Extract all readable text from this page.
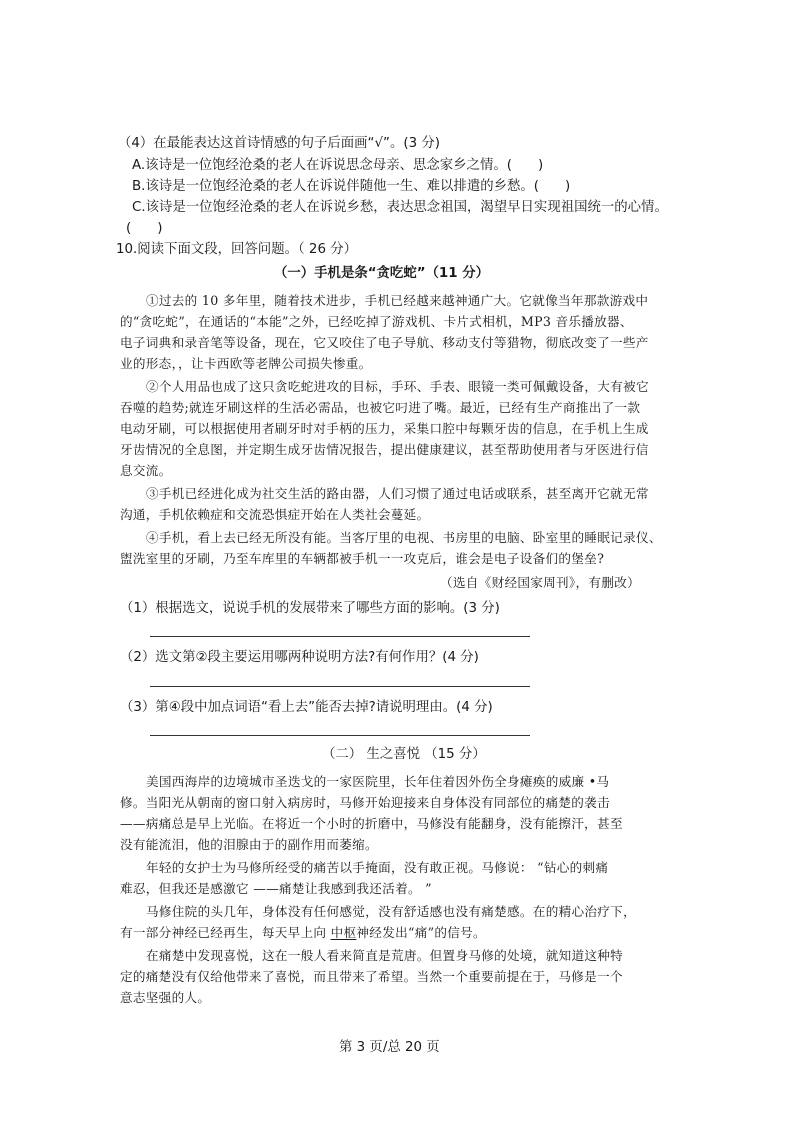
（4）在最能表达这首诗情感的句子后面画“√”。(3 分)
A.该诗是一位饱经沧桑的老人在诉说思念母亲、思念家乡之情。( )
B.该诗是一位饱经沧桑的老人在诉说伴随他一生、难以排遣的乡愁。( )
C.该诗是一位饱经沧桑的老人在诉说乡愁，表达思念祖国，渴望早日实现祖国统一的心情。
( )
10.阅读下面文段，回答问题。（ 26 分）
（一）手机是条“贪吃蛇”（11 分）
①过去的 10 多年里，随着技术进步，手机已经越来越神通广大。它就像当年那款游戏中
的“贪吃蛇”，在通话的“本能”之外，已经吃掉了游戏机、卡片式相机，MP3 音乐播放器、
电子词典和录音笔等设备，现在，它又咬住了电子导航、移动支付等猎物，彻底改变了一些产
业的形态，，让卡西欧等老牌公司损失惨重。
②个人用品也成了这只贪吃蛇进攻的目标，手环、手表、眼镜一类可佩戴设备，大有被它
吞噬的趋势;就连牙刷这样的生活必需品，也被它叼进了嘴。最近，已经有生产商推出了一款
电动牙刷，可以根据使用者刷牙时对手柄的压力，采集口腔中每颗牙齿的信息，在手机上生成
牙齿情况的全息图，并定期生成牙齿情况报告，提出健康建议，甚至帮助使用者与牙医进行信
息交流。
③手机已经进化成为社交生活的路由器，人们习惯了通过电话或联系，甚至离开它就无常
沟通，手机依赖症和交流恐惧症开始在人类社会蔓延。
④手机，看上去已经无所没有能。当客厅里的电视、书房里的电脑、卧室里的睡眠记录仪、
盥洗室里的牙刷，乃至车库里的车辆都被手机一一攻克后，谁会是电子设备们的堡垒?
（选自《财经国家周刊》，有删改）
（1）根据选文，说说手机的发展带来了哪些方面的影响。(3 分)
（2）选文第②段主要运用哪两种说明方法?有何作用？(4 分)
（3）第④段中加点词语“看上去”能否去掉?请说明理由。(4 分)
（二） 生之喜悦 （15 分）
美国西海岸的边境城市圣迭戈的一家医院里，长年住着因外伤全身瘫痪的威廉 •马
修。当阳光从朝南的窗口射入病房时，马修开始迎接来自身体没有同部位的痛楚的袭击
——病痛总是早上光临。在将近一个小时的折磨中，马修没有能翻身，没有能擦汗，甚至
没有能流泪，他的泪腺由于的副作用而萎缩。
年轻的女护士为马修所经受的痛苦以手掩面，没有敢正视。马修说： “钻心的刺痛
难忍，但我还是感激它 ——痛楚让我感到我还活着。 ”
马修住院的头几年，身体没有任何感觉，没有舒适感也没有痛楚感。在的精心治疗下，
有一部分神经已经再生，每天早上向 中枢神经发出“痛”的信号。
在痛楚中发现喜悦，这在一般人看来简直是荒唐。但置身马修的处境，就知道这种特
定的痛楚没有仅给他带来了喜悦，而且带来了希望。当然一个重要前提在于，马修是一个
意志坚强的人。
第 3 页/总 20 页
